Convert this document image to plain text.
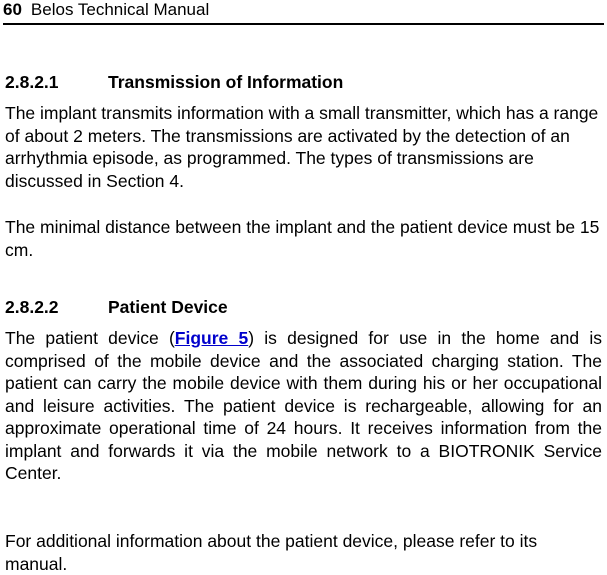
60 Belos Technical Manual
2.8.2.1	Transmission of Information

The implant transmits information with a small transmitter, which has a range of about 2 meters. The transmissions are activated by the detection of an arrhythmia episode, as programmed. The types of transmissions are discussed in Section 4.

The minimal distance between the implant and the patient device must be 15 cm.

2.8.2.2	Patient Device

The patient device (Figure 5) is designed for use in the home and is comprised of the mobile device and the associated charging station. The patient can carry the mobile device with them during his or her occupational and leisure activities. The patient device is rechargeable, allowing for an approximate operational time of 24 hours. It receives information from the implant and forwards it via the mobile network to a BIOTRONIK Service Center.

For additional information about the patient device, please refer to its manual.
